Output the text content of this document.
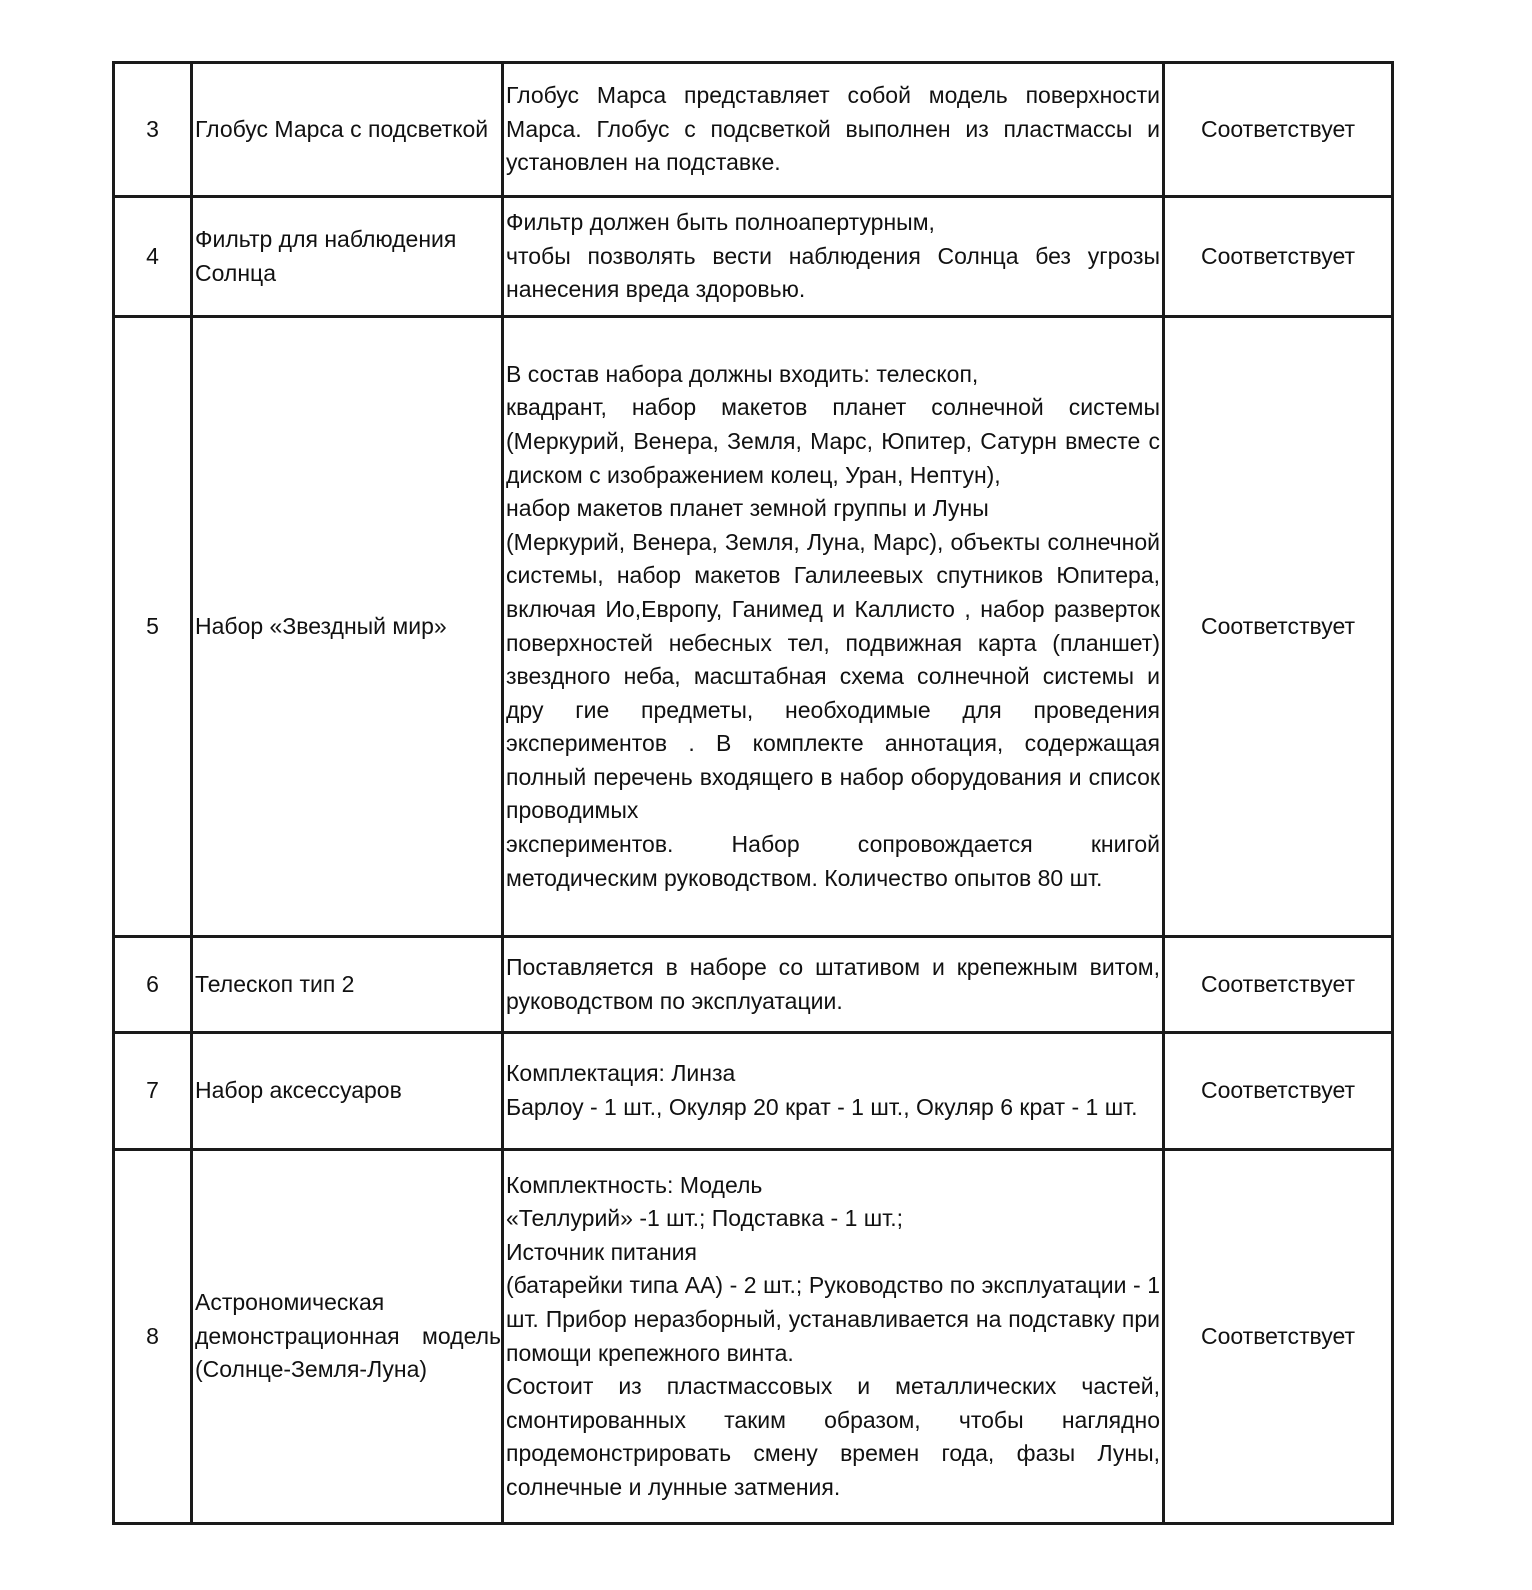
3	Глобус Марса с подсветкой	Глобус Марса представляет собой модель поверхности Марса. Глобус с подсветкой выполнен из пластмассы и установлен на подставке.	Соответствует
4	Фильтр для наблюдения Солнца	Фильтр должен быть полноапертурным,
чтобы позволять вести наблюдения Солнца без угрозы нанесения вреда здоровью.	Соответствует
5	Набор «Звездный мир»	В состав набора должны входить: телескоп,
квадрант, набор макетов планет солнечной системы (Меркурий, Венера, Земля, Марс, Юпитер, Сатурн вместе с диском с изображением колец, Уран, Нептун),
набор макетов планет земной группы и Луны
(Меркурий, Венера, Земля, Луна, Марс), объекты солнечной системы, набор макетов Галилеевых спутников Юпитера, включая Ио,Европу, Ганимед и Каллисто , набор разверток поверхностей небесных тел, подвижная карта (планшет) звездного неба, масштабная схема солнечной системы и дру гие предметы, необходимые для проведения экспериментов . В комплекте аннотация, содержащая полный перечень входящего в набор оборудования и список проводимых
экспериментов. Набор сопровождается книгой методическим руководством. Количество опытов 80 шт.	Соответствует
6	Телескоп тип 2	Поставляется в наборе со штативом и крепежным витом, руководством по эксплуатации.	Соответствует
7	Набор аксессуаров	Комплектация: Линза
Барлоу - 1 шт., Окуляр 20 крат - 1 шт., Окуляр 6 крат - 1 шт.	Соответствует
8	Астрономическая демонстрационная модель (Солнце-Земля-Луна)	Комплектность: Модель
«Теллурий» -1 шт.; Подставка - 1 шт.;
Источник питания
(батарейки типа АА) - 2 шт.; Руководство по эксплуатации - 1 шт. Прибор неразборный, устанавливается на подставку при помощи крепежного винта.
Состоит из пластмассовых и металлических частей, смонтированных таким образом, чтобы наглядно продемонстрировать смену времен года, фазы Луны, солнечные и лунные затмения.	Соответствует
